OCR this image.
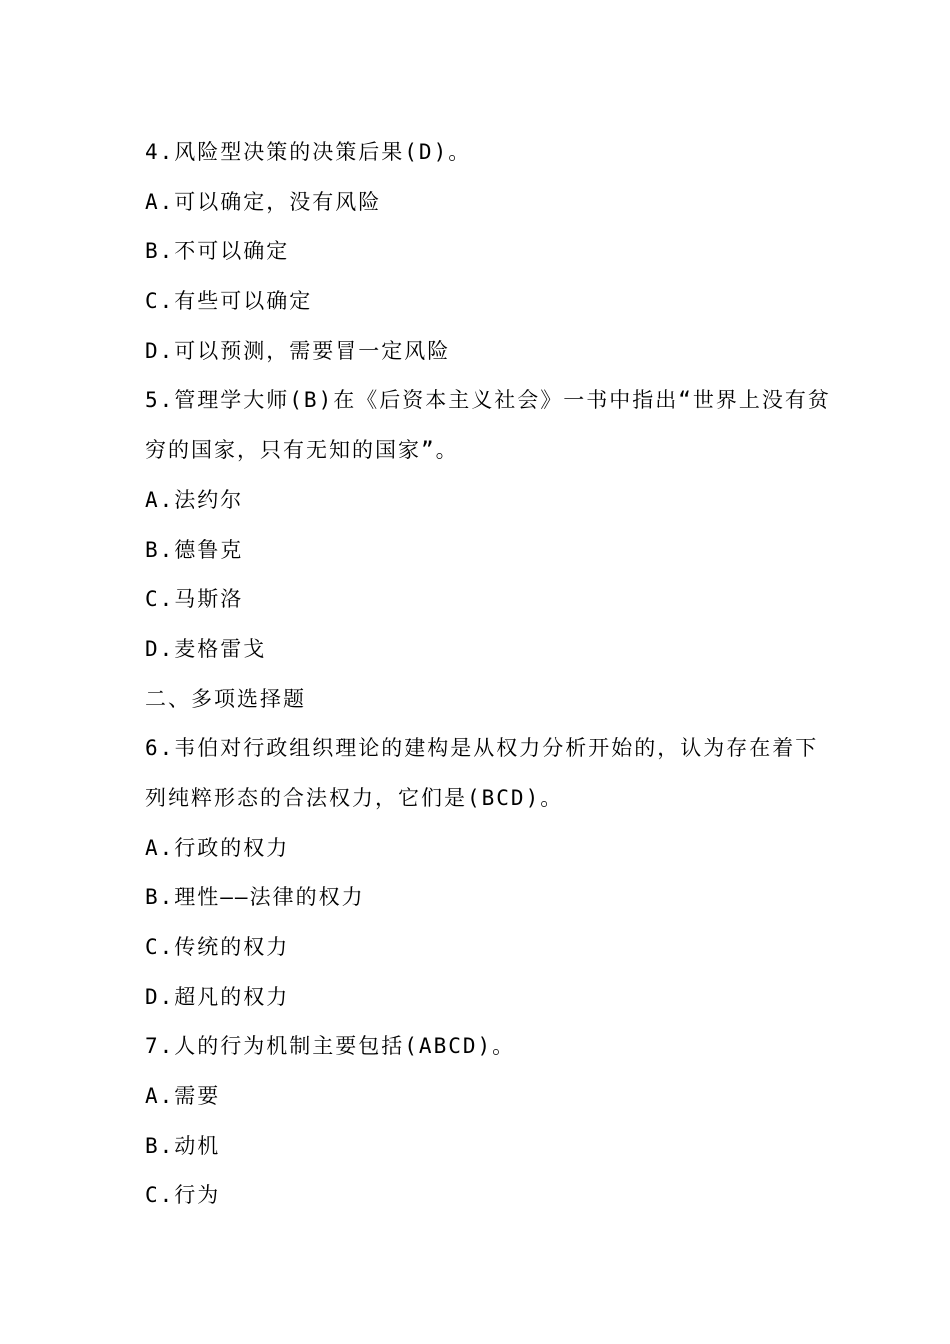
4.风险型决策的决策后果(D)。
A.可以确定，没有风险
B.不可以确定
C.有些可以确定
D.可以预测，需要冒一定风险
5.管理学大师(B)在《后资本主义社会》一书中指出“世界上没有贫
穷的国家，只有无知的国家”。
A.法约尔
B.德鲁克
C.马斯洛
D.麦格雷戈
二、多项选择题
6.韦伯对行政组织理论的建构是从权力分析开始的，认为存在着下
列纯粹形态的合法权力，它们是(BCD)。
A.行政的权力
B.理性——法律的权力
C.传统的权力
D.超凡的权力
7.人的行为机制主要包括(ABCD)。
A.需要
B.动机
C.行为
